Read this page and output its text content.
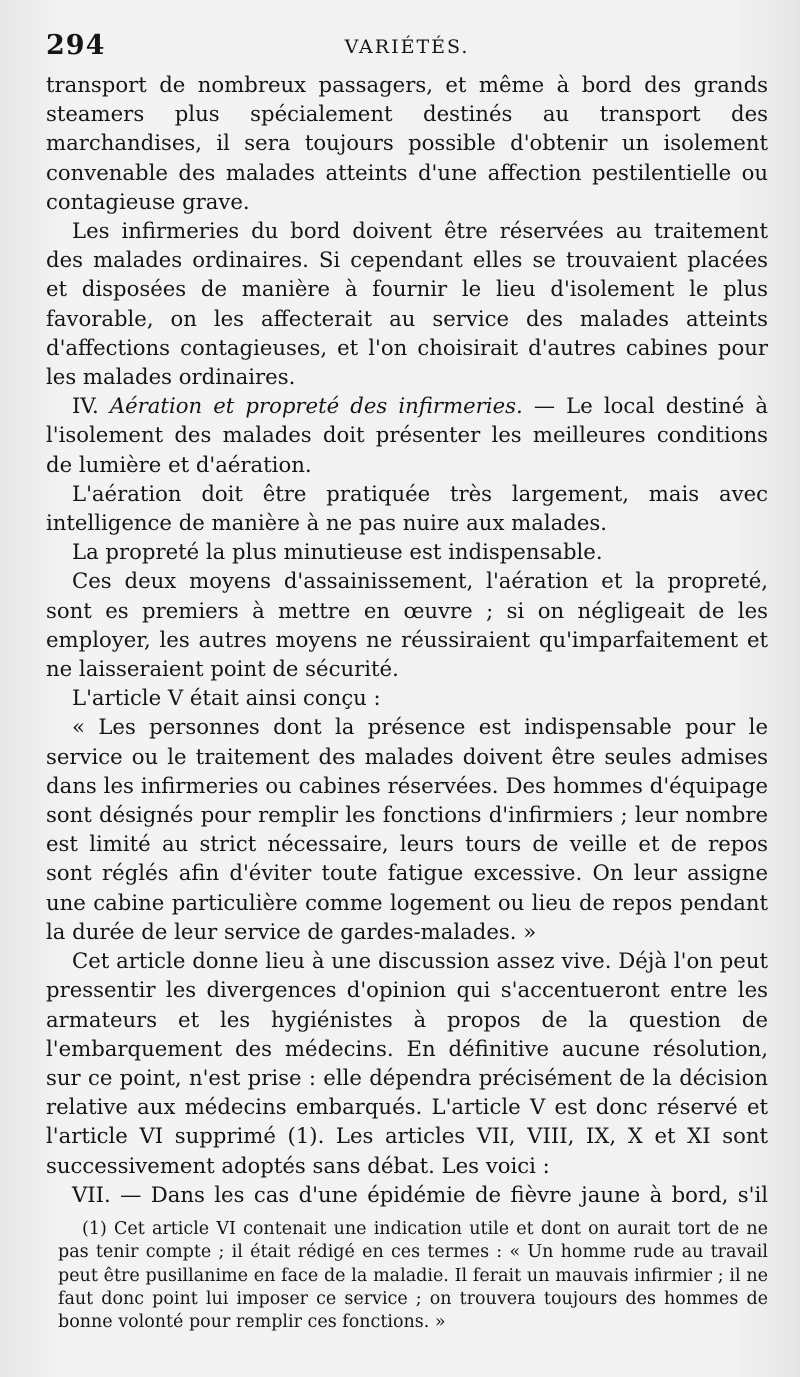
294	VARIÉTÉS.

transport de nombreux passagers, et même à bord des grands steamers plus spécialement destinés au transport des marchandises, il sera toujours possible d'obtenir un isolement convenable des malades atteints d'une affection pestilentielle ou contagieuse grave.

Les infirmeries du bord doivent être réservées au traitement des malades ordinaires. Si cependant elles se trouvaient placées et disposées de manière à fournir le lieu d'isolement le plus favorable, on les affecterait au service des malades atteints d'affections contagieuses, et l'on choisirait d'autres cabines pour les malades ordinaires.

IV. Aération et propreté des infirmeries. — Le local destiné à l'isolement des malades doit présenter les meilleures conditions de lumière et d'aération.

L'aération doit être pratiquée très largement, mais avec intelligence de manière à ne pas nuire aux malades.

La propreté la plus minutieuse est indispensable.

Ces deux moyens d'assainissement, l'aération et la propreté, sont es premiers à mettre en œuvre ; si on négligeait de les employer, les autres moyens ne réussiraient qu'imparfaitement et ne laisseraient point de sécurité.

L'article V était ainsi conçu :

« Les personnes dont la présence est indispensable pour le service ou le traitement des malades doivent être seules admises dans les infirmeries ou cabines réservées. Des hommes d'équipage sont désignés pour remplir les fonctions d'infirmiers ; leur nombre est limité au strict nécessaire, leurs tours de veille et de repos sont réglés afin d'éviter toute fatigue excessive. On leur assigne une cabine particulière comme logement ou lieu de repos pendant la durée de leur service de gardes-malades. »

Cet article donne lieu à une discussion assez vive. Déjà l'on peut pressentir les divergences d'opinion qui s'accentueront entre les armateurs et les hygiénistes à propos de la question de l'embarquement des médecins. En définitive aucune résolution, sur ce point, n'est prise : elle dépendra précisément de la décision relative aux médecins embarqués. L'article V est donc réservé et l'article VI supprimé (1). Les articles VII, VIII, IX, X et XI sont successivement adoptés sans débat. Les voici :

VII. — Dans les cas d'une épidémie de fièvre jaune à bord, s'il

(1) Cet article VI contenait une indication utile et dont on aurait tort de ne pas tenir compte ; il était rédigé en ces termes : « Un homme rude au travail peut être pusillanime en face de la maladie. Il ferait un mauvais infirmier ; il ne faut donc point lui imposer ce service ; on trouvera toujours des hommes de bonne volonté pour remplir ces fonctions. »
